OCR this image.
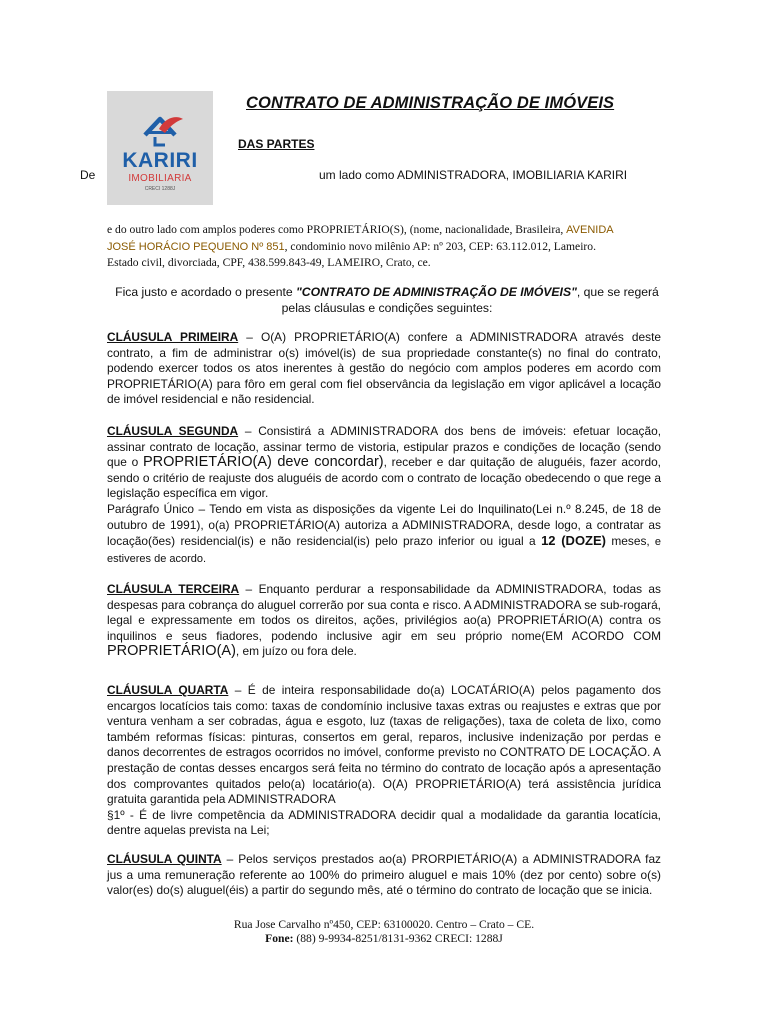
KARIRI
IMOBILIARIA
CRECI 1288J
CONTRATO DE ADMINISTRAÇÃO DE IMÓVEIS
DAS PARTES
De	um lado como ADMINISTRADORA, IMOBILIARIA KARIRI
e do outro lado com amplos poderes como PROPRIETÁRIO(S), (nome, nacionalidade, Brasileira, AVENIDA
JOSÉ HORÁCIO PEQUENO Nº 851, condominio novo milênio AP: nº 203, CEP: 63.112.012, Lameiro.
Estado civil, divorciada, CPF, 438.599.843-49, LAMEIRO, Crato, ce.
Fica justo e acordado o presente "CONTRATO DE ADMINISTRAÇÃO DE IMÓVEIS", que se regerá pelas cláusulas e condições seguintes:
CLÁUSULA PRIMEIRA – O(A) PROPRIETÁRIO(A) confere a ADMINISTRADORA através deste contrato, a fim de administrar o(s) imóvel(is) de sua propriedade constante(s) no final do contrato, podendo exercer todos os atos inerentes à gestão do negócio com amplos poderes em acordo com PROPRIETÁRIO(A) para fôro em geral com fiel observância da legislação em vigor aplicável a locação de imóvel residencial e não residencial.
CLÁUSULA SEGUNDA – Consistirá a ADMINISTRADORA dos bens de imóveis: efetuar locação, assinar contrato de locação, assinar termo de vistoria, estipular prazos e condições de locação (sendo que o PROPRIETÁRIO(A) deve concordar), receber e dar quitação de aluguéis, fazer acordo, sendo o critério de reajuste dos aluguéis de acordo com o contrato de locação obedecendo o que rege a legislação específica em vigor.
Parágrafo Único – Tendo em vista as disposições da vigente Lei do Inquilinato(Lei n.º 8.245, de 18 de outubro de 1991), o(a) PROPRIETÁRIO(A) autoriza a ADMINISTRADORA, desde logo, a contratar as locação(ões) residencial(is) e não residencial(is) pelo prazo inferior ou igual a 12 (DOZE) meses, e estiveres de acordo.
CLÁUSULA TERCEIRA – Enquanto perdurar a responsabilidade da ADMINISTRADORA, todas as despesas para cobrança do aluguel correrão por sua conta e risco. A ADMINISTRADORA se sub-rogará, legal e expressamente em todos os direitos, ações, privilégios ao(a) PROPRIETÁRIO(A) contra os inquilinos e seus fiadores, podendo inclusive agir em seu próprio nome(EM ACORDO COM PROPRIETÁRIO(A), em juízo ou fora dele.
CLÁUSULA QUARTA – É de inteira responsabilidade do(a) LOCATÁRIO(A) pelos pagamento dos encargos locatícios tais como: taxas de condomínio inclusive taxas extras ou reajustes e extras que por ventura venham a ser cobradas, água e esgoto, luz (taxas de religações), taxa de coleta de lixo, como também reformas físicas: pinturas, consertos em geral, reparos, inclusive indenização por perdas e danos decorrentes de estragos ocorridos no imóvel, conforme previsto no CONTRATO DE LOCAÇÃO. A prestação de contas desses encargos será feita no término do contrato de locação após a apresentação dos comprovantes quitados pelo(a) locatário(a). O(A) PROPRIETÁRIO(A) terá assistência jurídica gratuita garantida pela ADMINISTRADORA
§1º - É de livre competência da ADMINISTRADORA decidir qual a modalidade da garantia locatícia, dentre aquelas prevista na Lei;
CLÁUSULA QUINTA – Pelos serviços prestados ao(a) PRORPIETÁRIO(A) a ADMINISTRADORA faz jus a uma remuneração referente ao 100% do primeiro aluguel e mais 10% (dez por cento) sobre o(s) valor(es) do(s) aluguel(éis) a partir do segundo mês, até o término do contrato de locação que se inicia.
Rua Jose Carvalho nº450, CEP: 63100020. Centro – Crato – CE.
Fone: (88) 9-9934-8251/8131-9362 CRECI: 1288J
